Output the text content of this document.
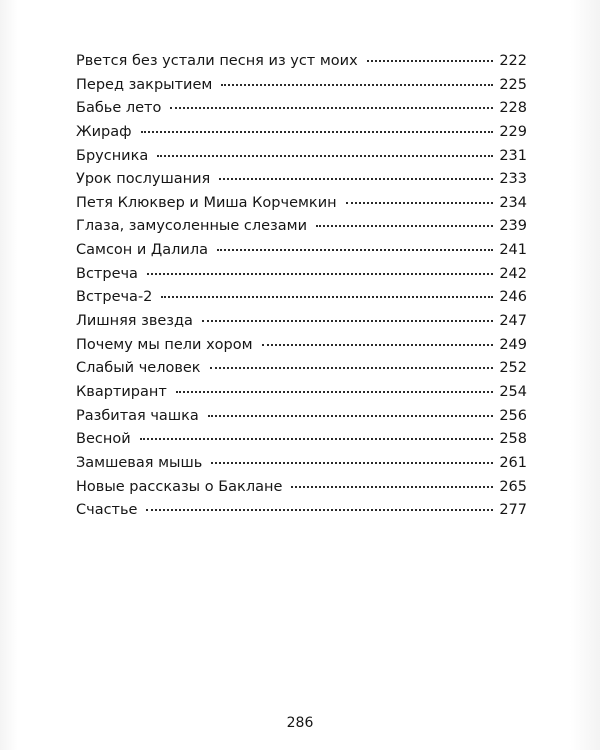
Рвется без устали песня из уст моих	222
Перед закрытием	225
Бабье лето	228
Жираф	229
Брусника	231
Урок послушания	233
Петя Клюквер и Миша Корчемкин	234
Глаза, замусоленные слезами	239
Самсон и Далила	241
Встреча	242
Встреча-2	246
Лишняя звезда	247
Почему мы пели хором	249
Слабый человек	252
Квартирант	254
Разбитая чашка	256
Весной	258
Замшевая мышь	261
Новые рассказы о Баклане	265
Счастье	277
286
